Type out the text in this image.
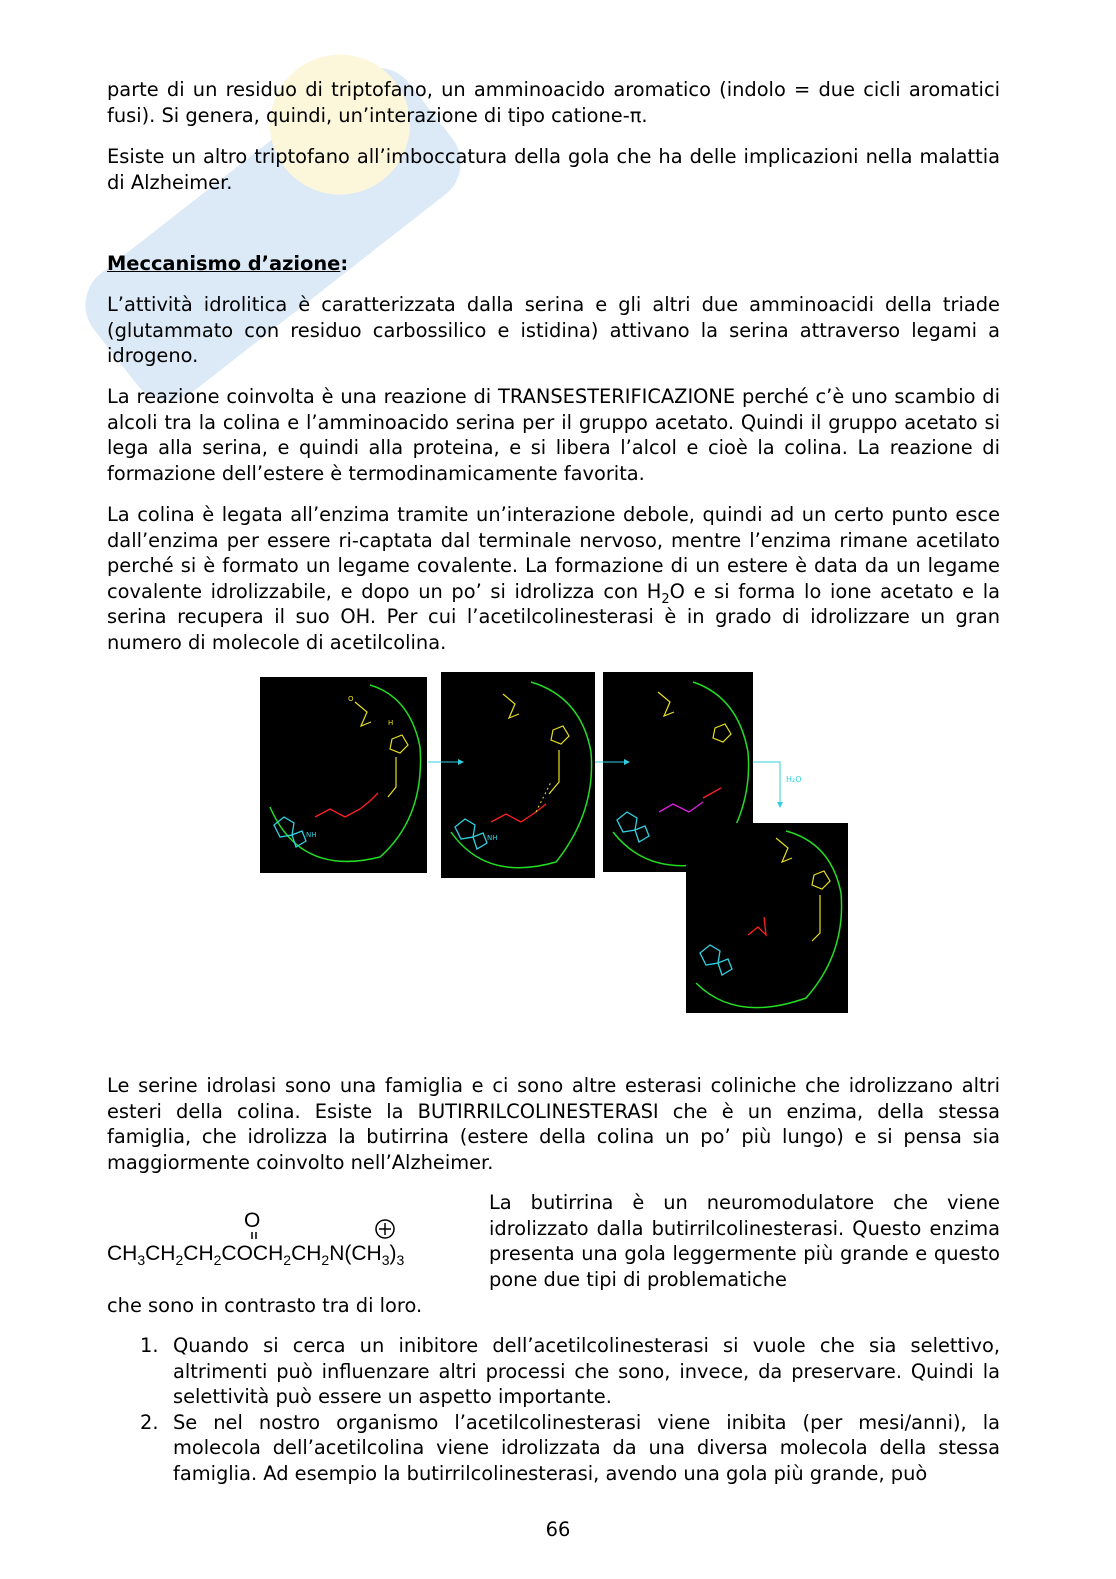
parte di un residuo di triptofano, un amminoacido aromatico (indolo = due cicli aromatici fusi). Si genera, quindi, un’interazione di tipo catione-π.
Esiste un altro triptofano all’imboccatura della gola che ha delle implicazioni nella malattia di Alzheimer.
Meccanismo d’azione:
L’attività idrolitica è caratterizzata dalla serina e gli altri due amminoacidi della triade (glutammato con residuo carbossilico e istidina) attivano la serina attraverso legami a idrogeno.
La reazione coinvolta è una reazione di TRANSESTERIFICAZIONE perché c’è uno scambio di alcoli tra la colina e l’amminoacido serina per il gruppo acetato. Quindi il gruppo acetato si lega alla serina, e quindi alla proteina, e si libera l’alcol e cioè la colina. La reazione di formazione dell’estere è termodinamicamente favorita.
La colina è legata all’enzima tramite un’interazione debole, quindi ad un certo punto esce dall’enzima per essere ri-captata dal terminale nervoso, mentre l’enzima rimane acetilato perché si è formato un legame covalente. La formazione di un estere è data da un legame covalente idrolizzabile, e dopo un po’ si idrolizza con $H_2O$ e si forma lo ione acetato e la serina recupera il suo OH. Per cui l’acetilcolinesterasi è in grado di idrolizzare un gran numero di molecole di acetilcolina.
O
H
NH	NH
H₂O
Le serine idrolasi sono una famiglia e ci sono altre esterasi coliniche che idrolizzano altri esteri della colina. Esiste la BUTIRRILCOLINESTERASI che è un enzima, della stessa famiglia, che idrolizza la butirrina (estere della colina un po’ più lungo) e si pensa sia maggiormente coinvolto nell’Alzheimer.
O
$CH_3CH_2CH_2COCH_2CH_2N(CH_3)_3$
La butirrina è un neuromodulatore che viene idrolizzato dalla butirrilcolinesterasi. Questo enzima presenta una gola leggermente più grande e questo pone due tipi di problematiche
che sono in contrasto tra di loro.
1. Quando si cerca un inibitore dell’acetilcolinesterasi si vuole che sia selettivo, altrimenti può influenzare altri processi che sono, invece, da preservare. Quindi la selettività può essere un aspetto importante.
2. Se nel nostro organismo l’acetilcolinesterasi viene inibita (per mesi/anni), la molecola dell’acetilcolina viene idrolizzata da una diversa molecola della stessa famiglia. Ad esempio la butirrilcolinesterasi, avendo una gola più grande, può
66
